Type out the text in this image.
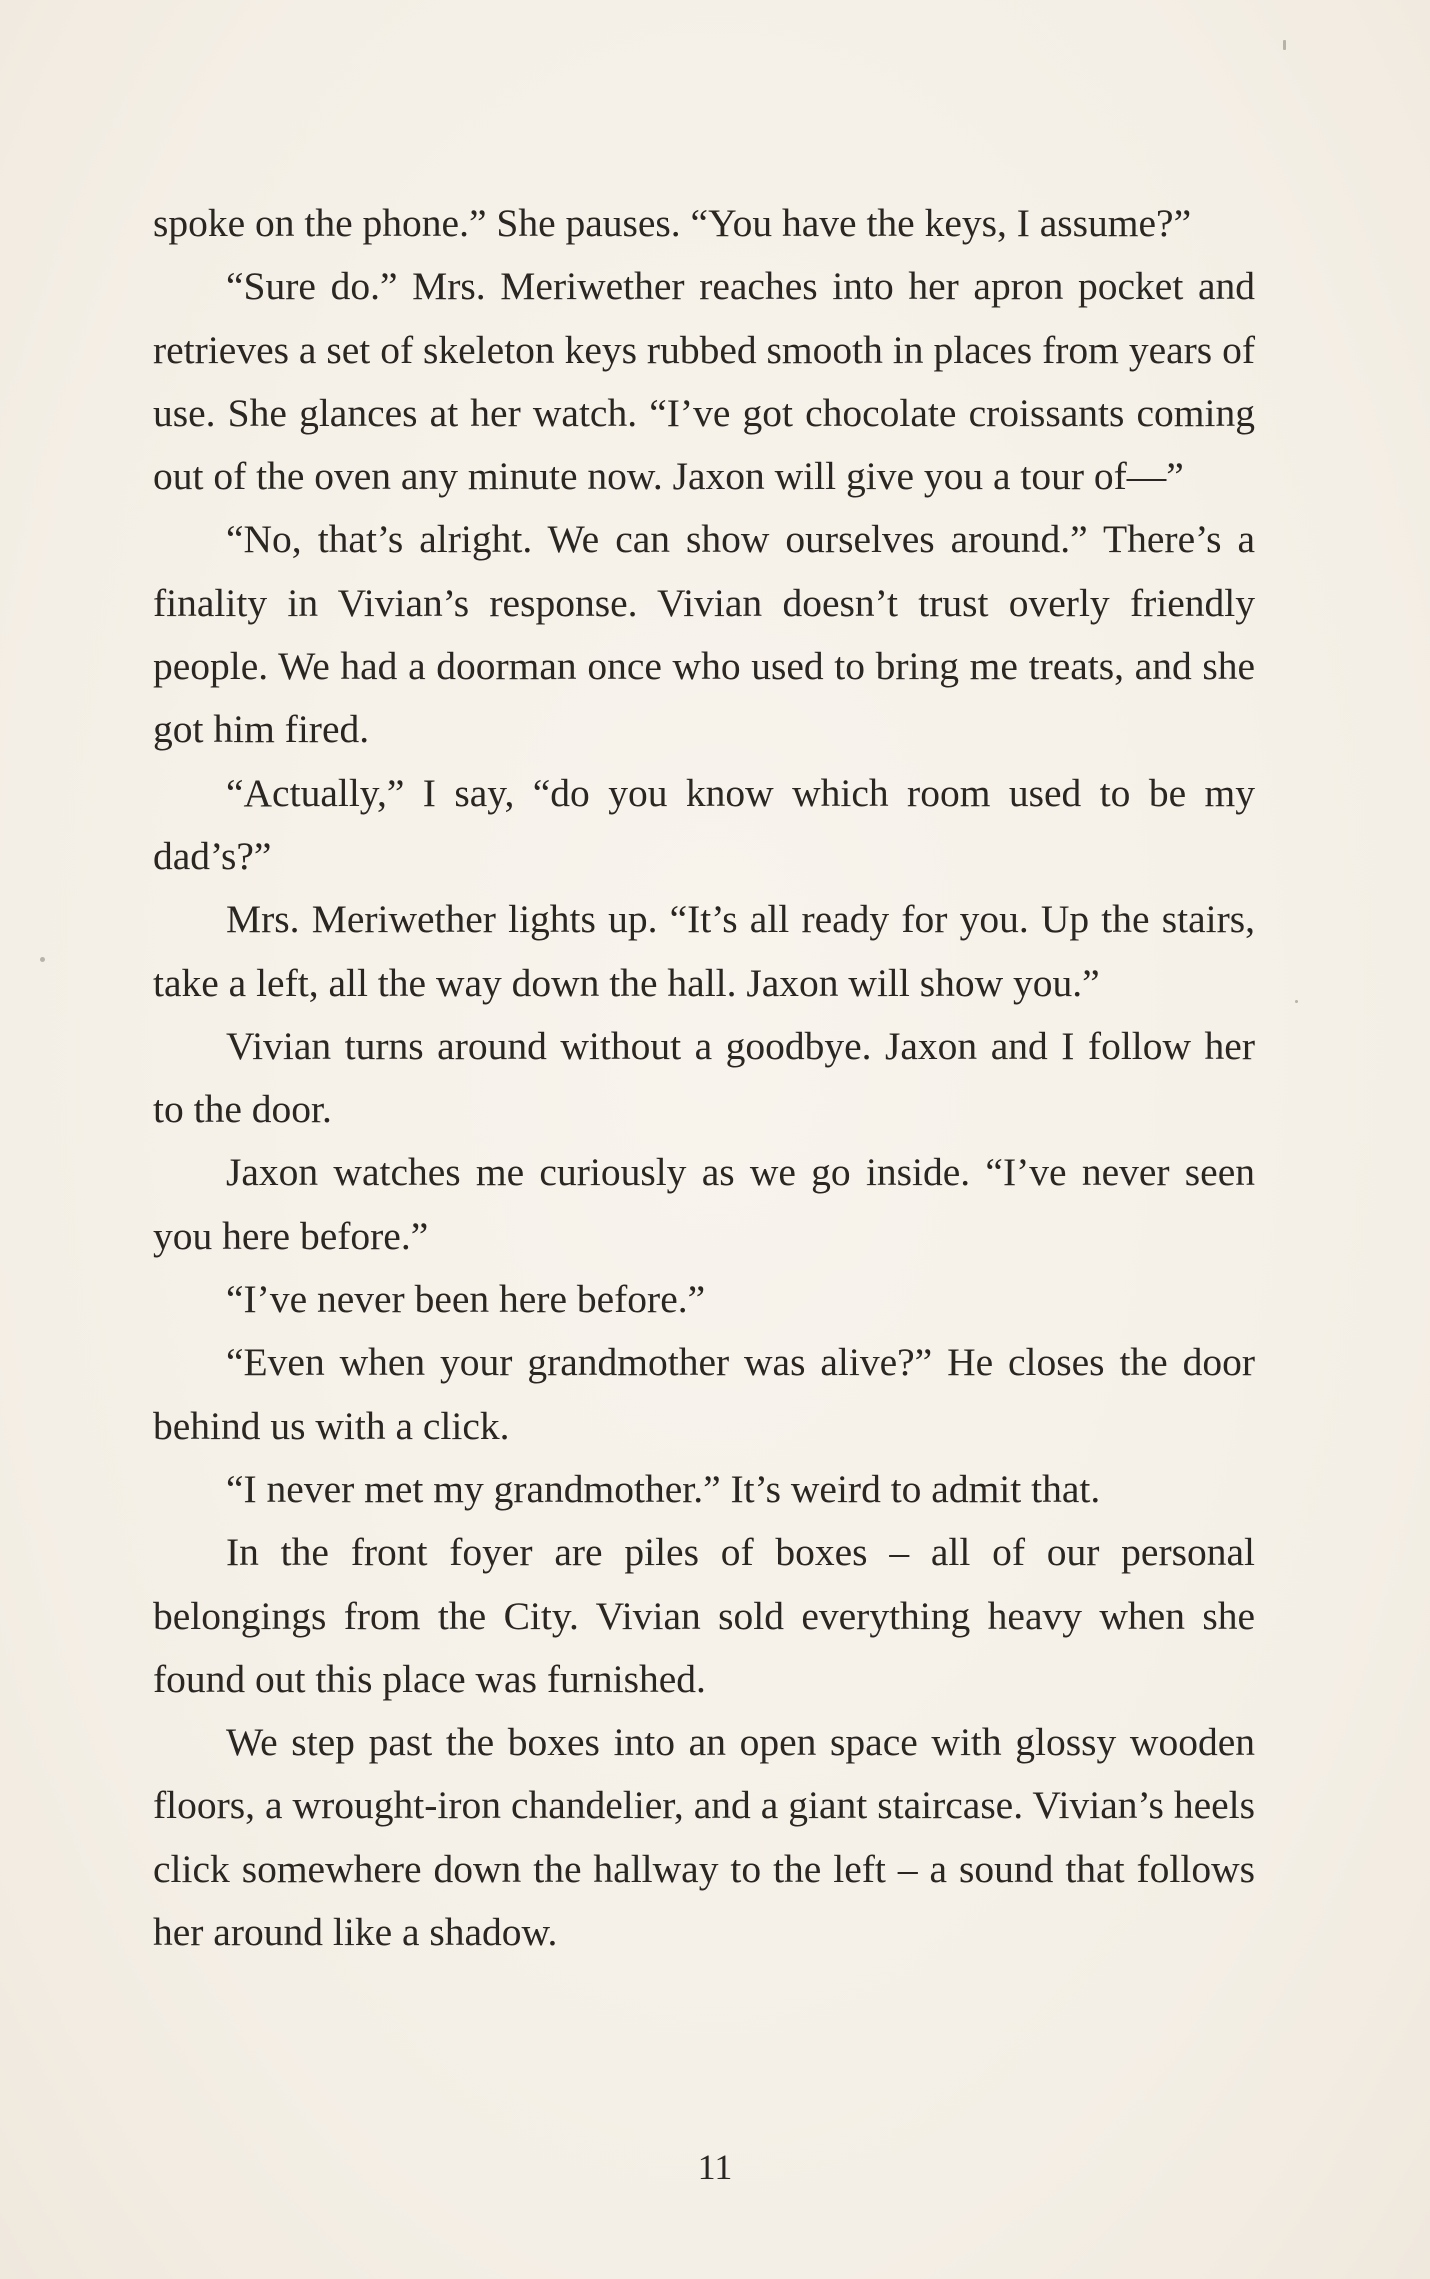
spoke on the phone.” She pauses. “You have the keys, I assume?”

“Sure do.” Mrs. Meriwether reaches into her apron pocket and retrieves a set of skeleton keys rubbed smooth in places from years of use. She glances at her watch. “I’ve got chocolate croissants coming out of the oven any minute now. Jaxon will give you a tour of—”

“No, that’s alright. We can show ourselves around.” There’s a finality in Vivian’s response. Vivian doesn’t trust overly friendly people. We had a doorman once who used to bring me treats, and she got him fired.

“Actually,” I say, “do you know which room used to be my dad’s?”

Mrs. Meriwether lights up. “It’s all ready for you. Up the stairs, take a left, all the way down the hall. Jaxon will show you.”

Vivian turns around without a goodbye. Jaxon and I follow her to the door.

Jaxon watches me curiously as we go inside. “I’ve never seen you here before.”

“I’ve never been here before.”

“Even when your grandmother was alive?” He closes the door behind us with a click.

“I never met my grandmother.” It’s weird to admit that.

In the front foyer are piles of boxes – all of our personal belongings from the City. Vivian sold everything heavy when she found out this place was furnished.

We step past the boxes into an open space with glossy wooden floors, a wrought-iron chandelier, and a giant staircase. Vivian’s heels click somewhere down the hallway to the left – a sound that follows her around like a shadow.

11
